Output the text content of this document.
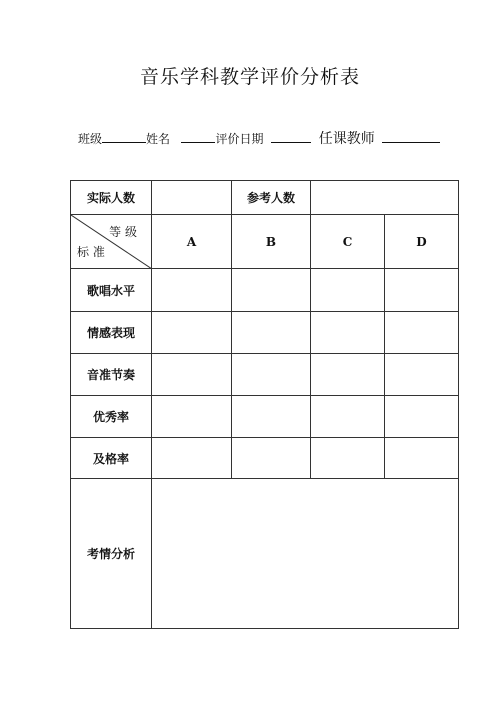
音乐学科教学评价分析表
班级	姓名	评价日期	任课教师
实际人数		参考人数		

等 级
标 准	A	B	C	D
歌唱水平				
情感表现				
音准节奏				
优秀率				
及格率				
考情分析				
